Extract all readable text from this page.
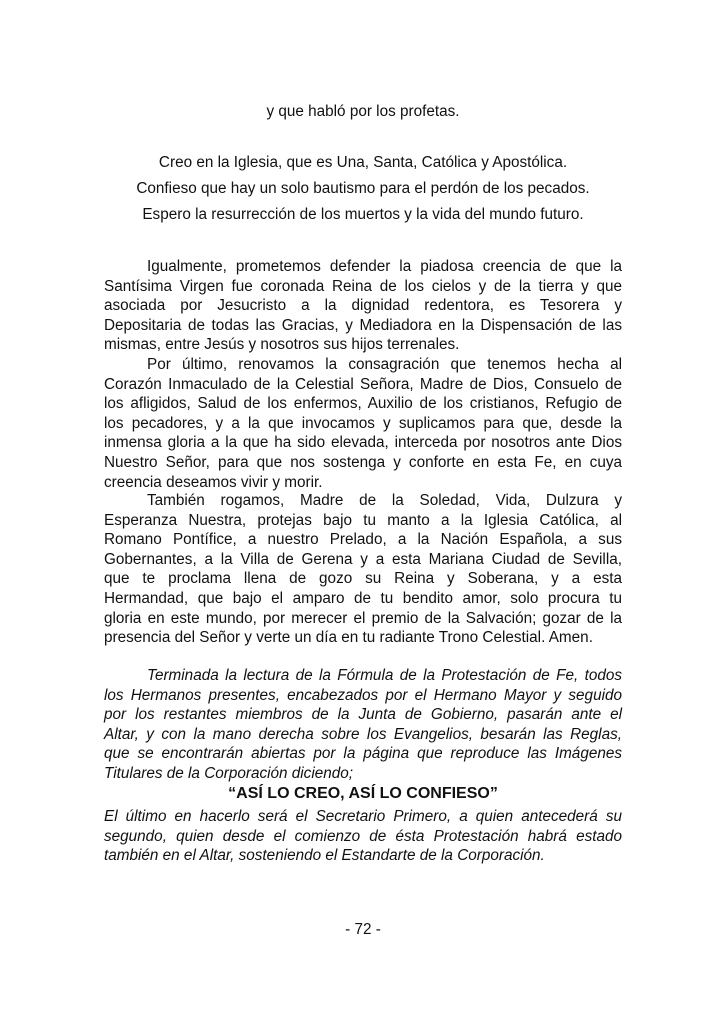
y que habló por los profetas.
Creo en la Iglesia, que es Una, Santa, Católica y Apostólica.
Confieso que hay un solo bautismo para el perdón de los pecados.
Espero la resurrección de los muertos y la vida del mundo futuro.
Igualmente, prometemos defender la piadosa creencia de que la
Santísima Virgen fue coronada Reina de los cielos y de la tierra y que
asociada por Jesucristo a la dignidad redentora, es Tesorera y
Depositaria de todas las Gracias, y Mediadora en la Dispensación de las
mismas, entre Jesús y nosotros sus hijos terrenales.
Por último, renovamos la consagración que tenemos hecha al
Corazón Inmaculado de la Celestial Señora, Madre de Dios, Consuelo de
los afligidos, Salud de los enfermos, Auxilio de los cristianos, Refugio de
los pecadores, y a la que invocamos y suplicamos para que, desde la
inmensa gloria a la que ha sido elevada, interceda por nosotros ante Dios
Nuestro Señor, para que nos sostenga y conforte en esta Fe, en cuya
creencia deseamos vivir y morir.
También rogamos, Madre de la Soledad, Vida, Dulzura y
Esperanza Nuestra, protejas bajo tu manto a la Iglesia Católica, al
Romano Pontífice, a nuestro Prelado, a la Nación Española, a sus
Gobernantes, a la Villa de Gerena y a esta Mariana Ciudad de Sevilla,
que te proclama llena de gozo su Reina y Soberana, y a esta
Hermandad, que bajo el amparo de tu bendito amor, solo procura tu
gloria en este mundo, por merecer el premio de la Salvación; gozar de la
presencia del Señor y verte un día en tu radiante Trono Celestial. Amen.
Terminada la lectura de la Fórmula de la Protestación de Fe, todos
los Hermanos presentes, encabezados por el Hermano Mayor y seguido
por los restantes miembros de la Junta de Gobierno, pasarán ante el
Altar, y con la mano derecha sobre los Evangelios, besarán las Reglas,
que se encontrarán abiertas por la página que reproduce las Imágenes
Titulares de la Corporación diciendo;
“ASÍ LO CREO, ASÍ LO CONFIESO”
El último en hacerlo será el Secretario Primero, a quien antecederá su
segundo, quien desde el comienzo de ésta Protestación habrá estado
también en el Altar, sosteniendo el Estandarte de la Corporación.
- 72 -
